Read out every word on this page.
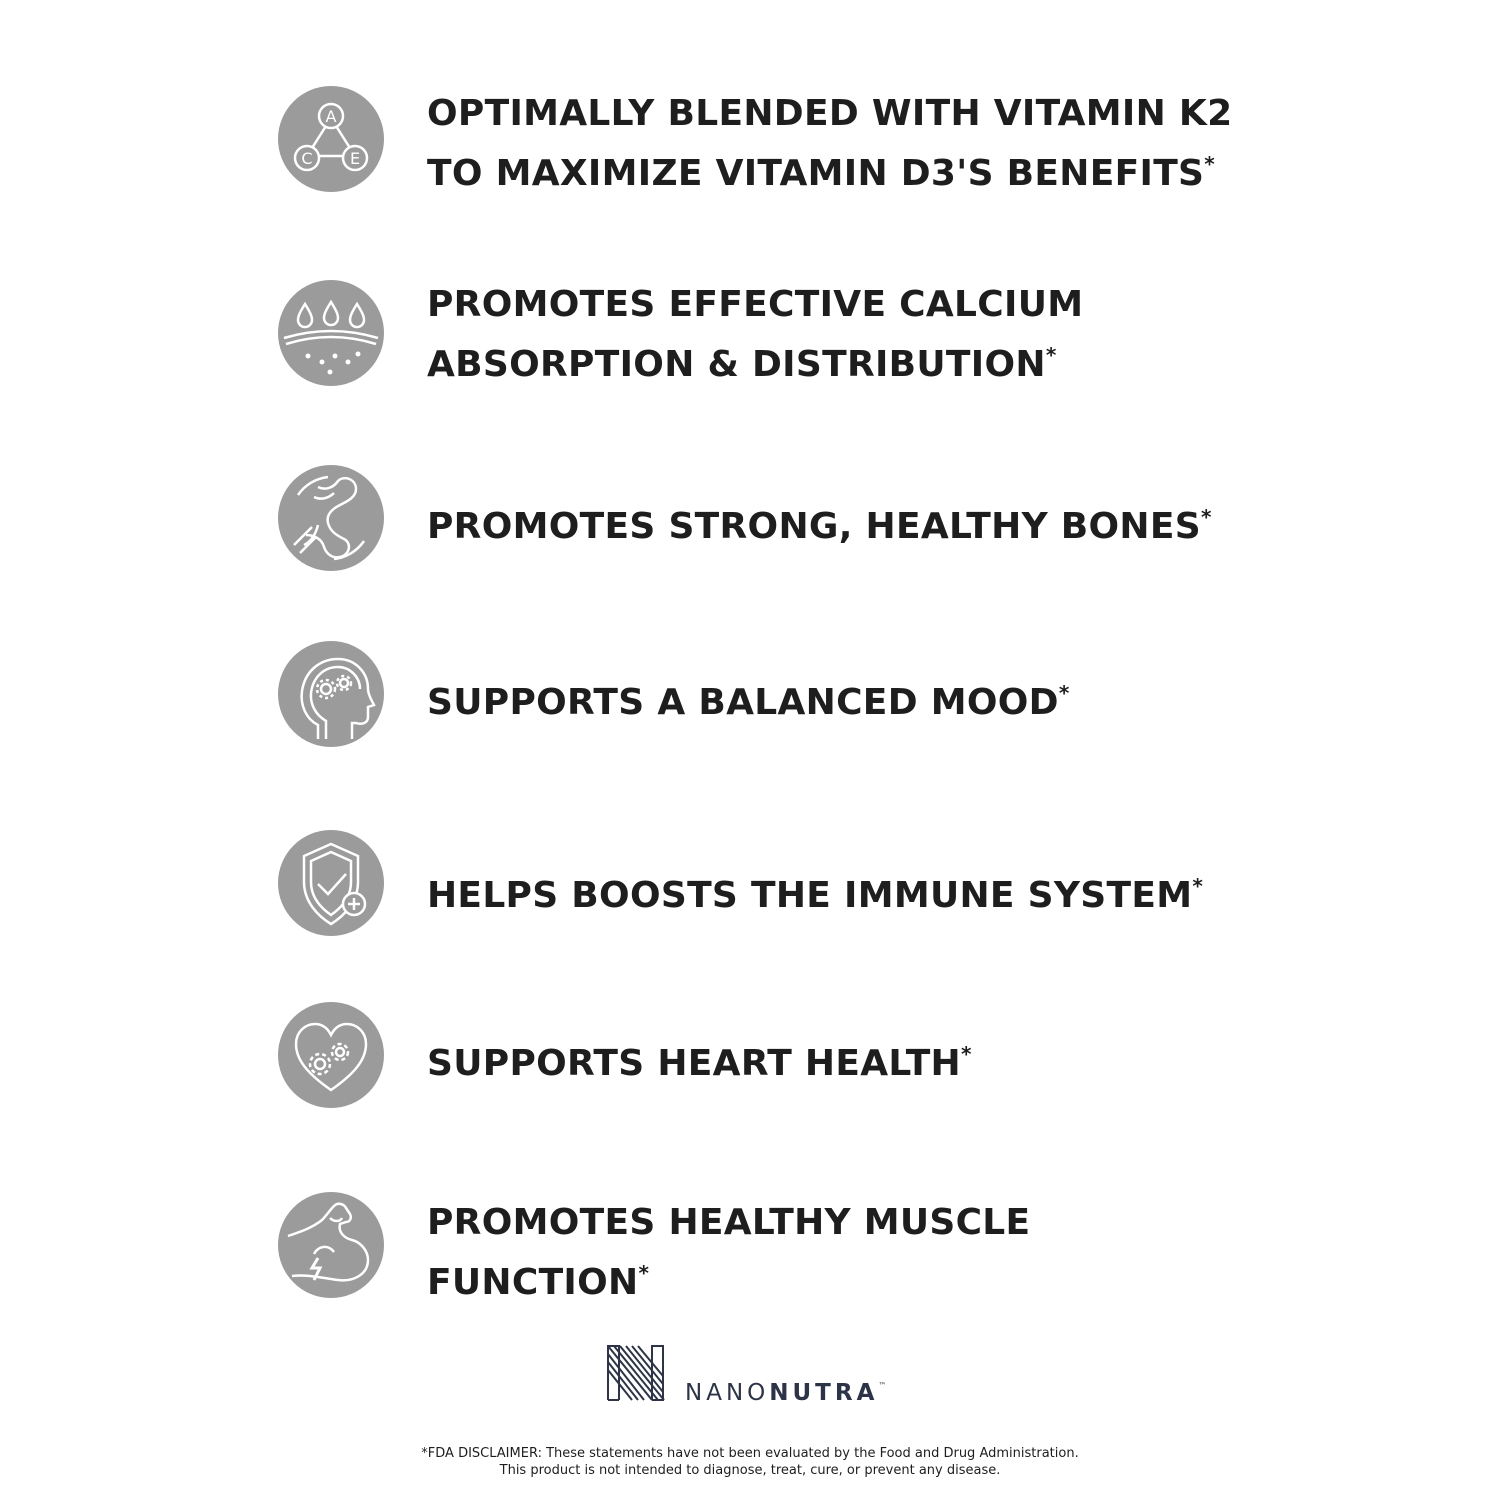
A
C E
OPTIMALLY BLENDED WITH VITAMIN K2
TO MAXIMIZE VITAMIN D3'S BENEFITS*
PROMOTES EFFECTIVE CALCIUM
ABSORPTION & DISTRIBUTION*
PROMOTES STRONG, HEALTHY BONES*
SUPPORTS A BALANCED MOOD*
HELPS BOOSTS THE IMMUNE SYSTEM*
SUPPORTS HEART HEALTH*
PROMOTES HEALTHY MUSCLE
FUNCTION*
NANONUTRA™
*FDA DISCLAIMER: These statements have not been evaluated by the Food and Drug Administration.
This product is not intended to diagnose, treat, cure, or prevent any disease.
